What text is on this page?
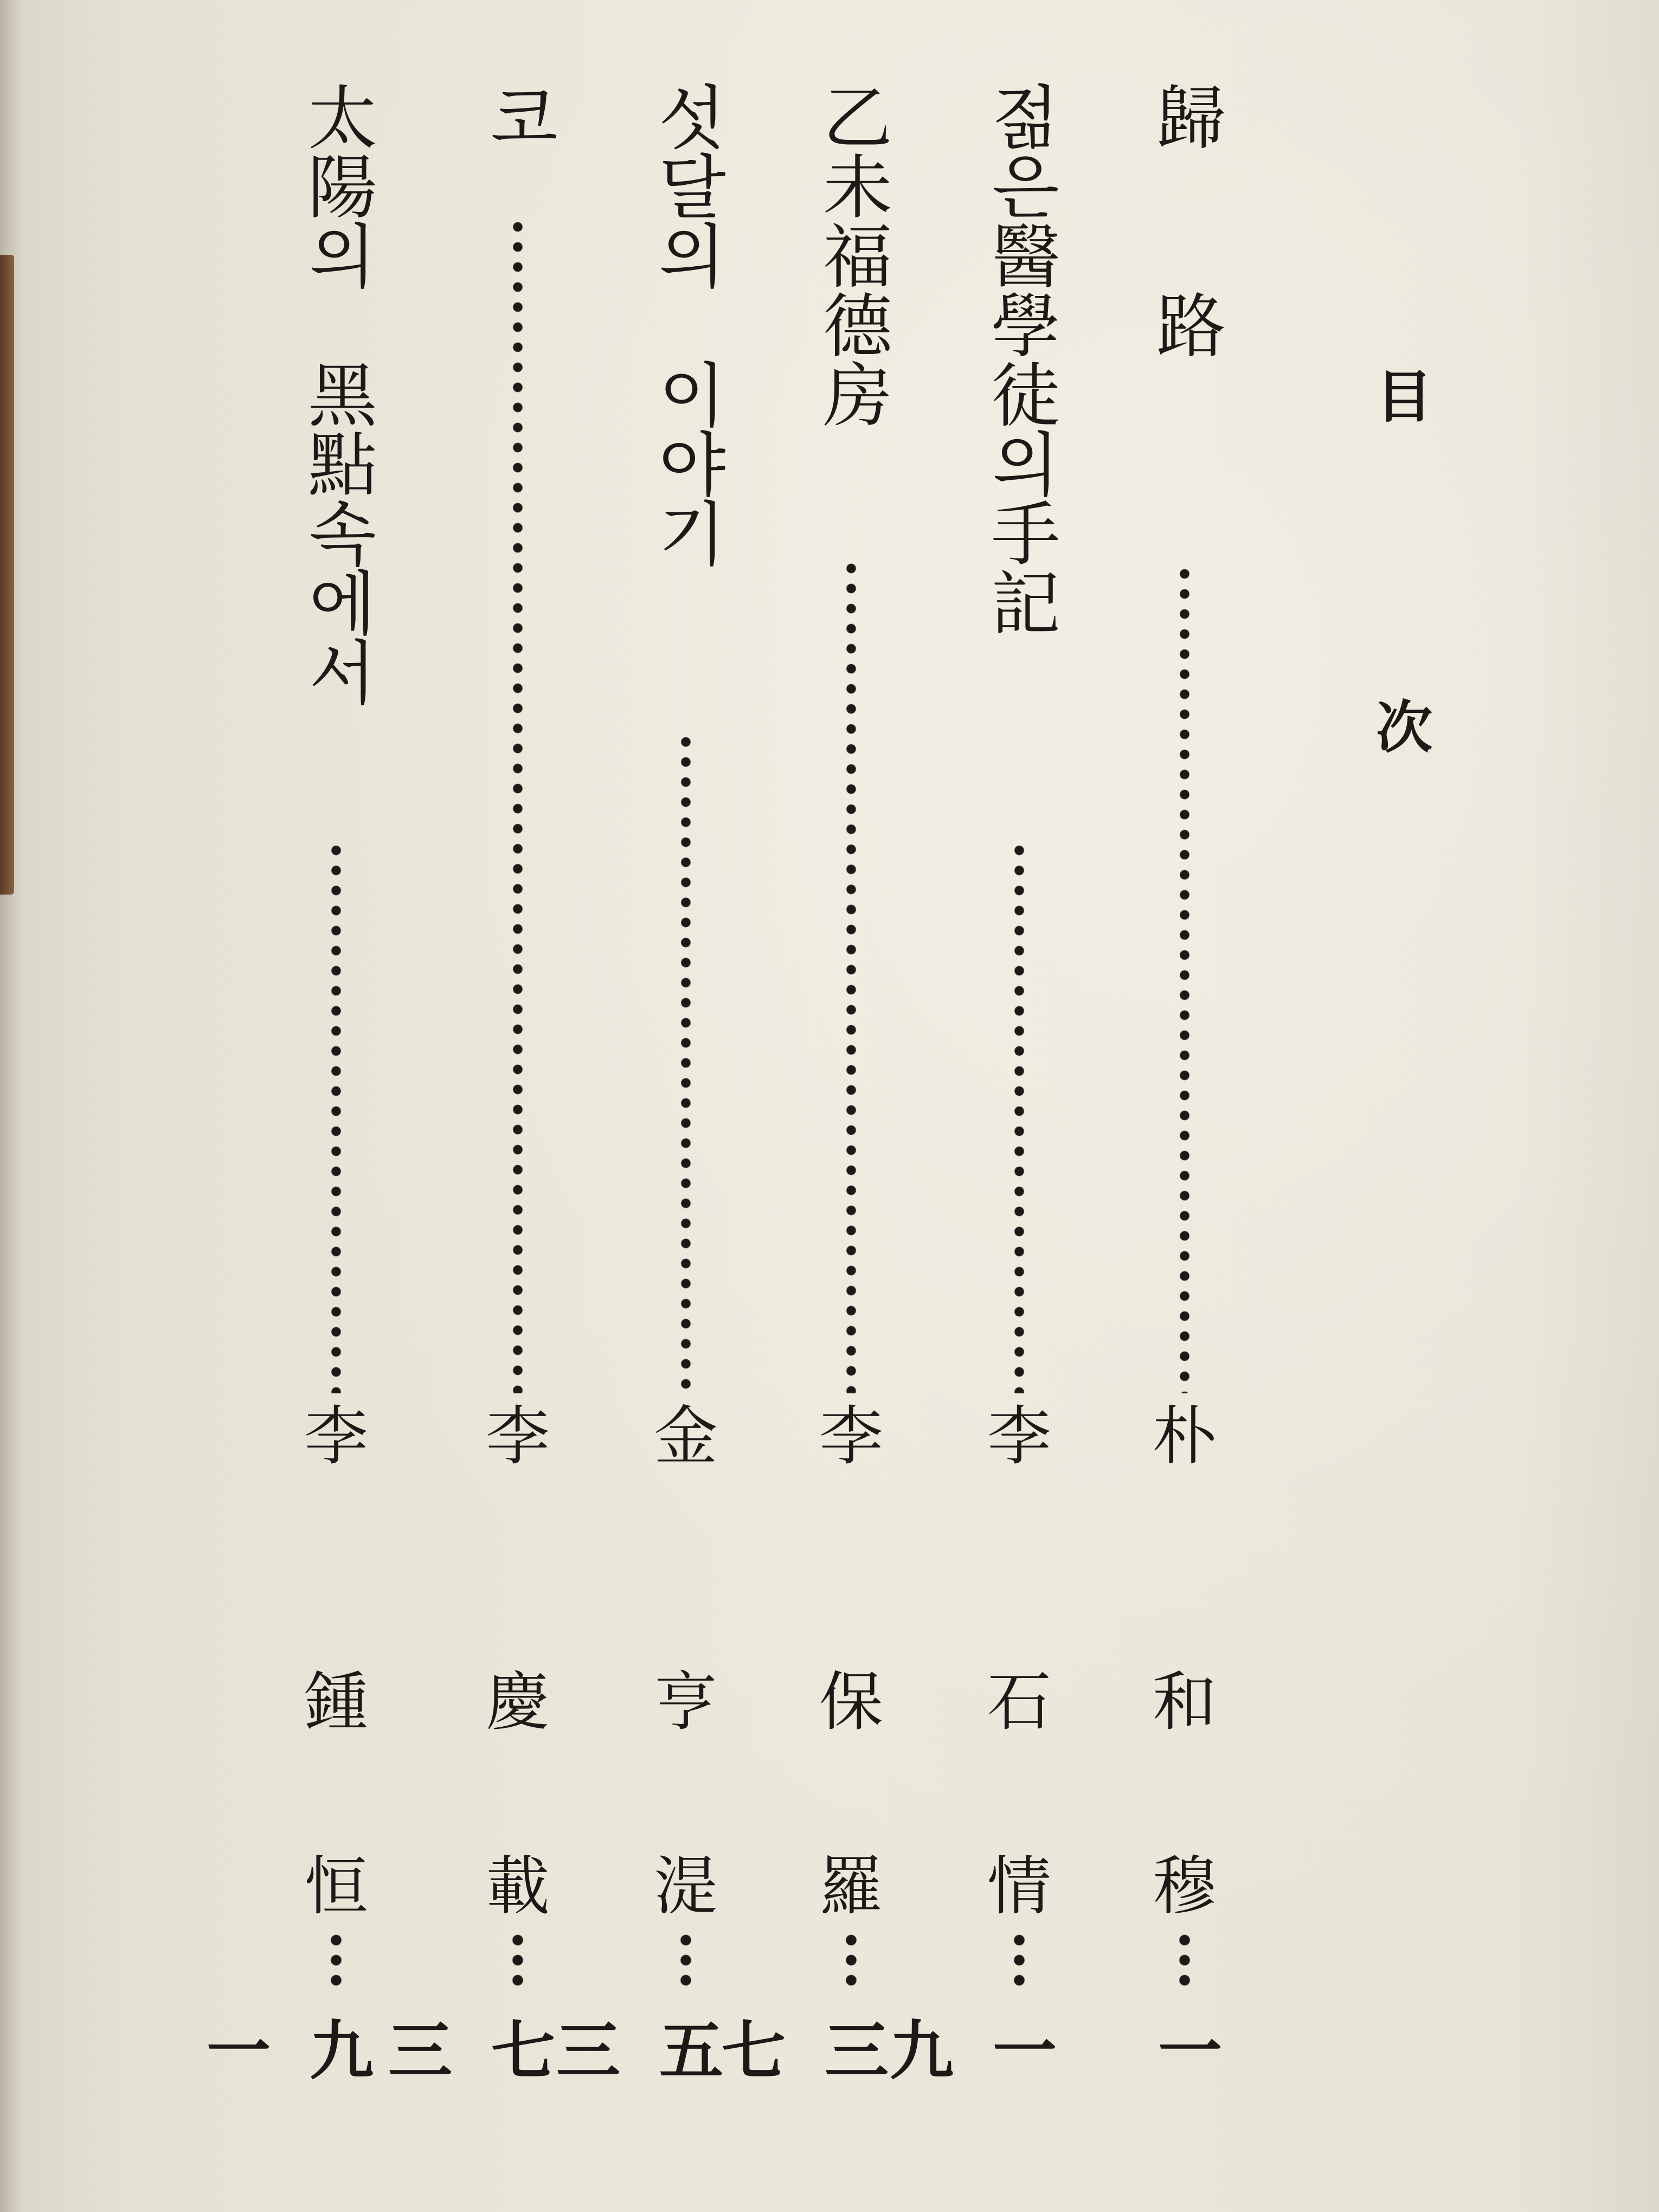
目
次
歸　　路
朴
和
穆
一
젊은醫學徒의手記
李
石
情
一九
乙未福德房
李
保
羅
三七
섯달의　이야기
金
亨
湜
五三
코
李
慶
載
七三
太陽의　黑點속에서
李
鍾
恒
九一
